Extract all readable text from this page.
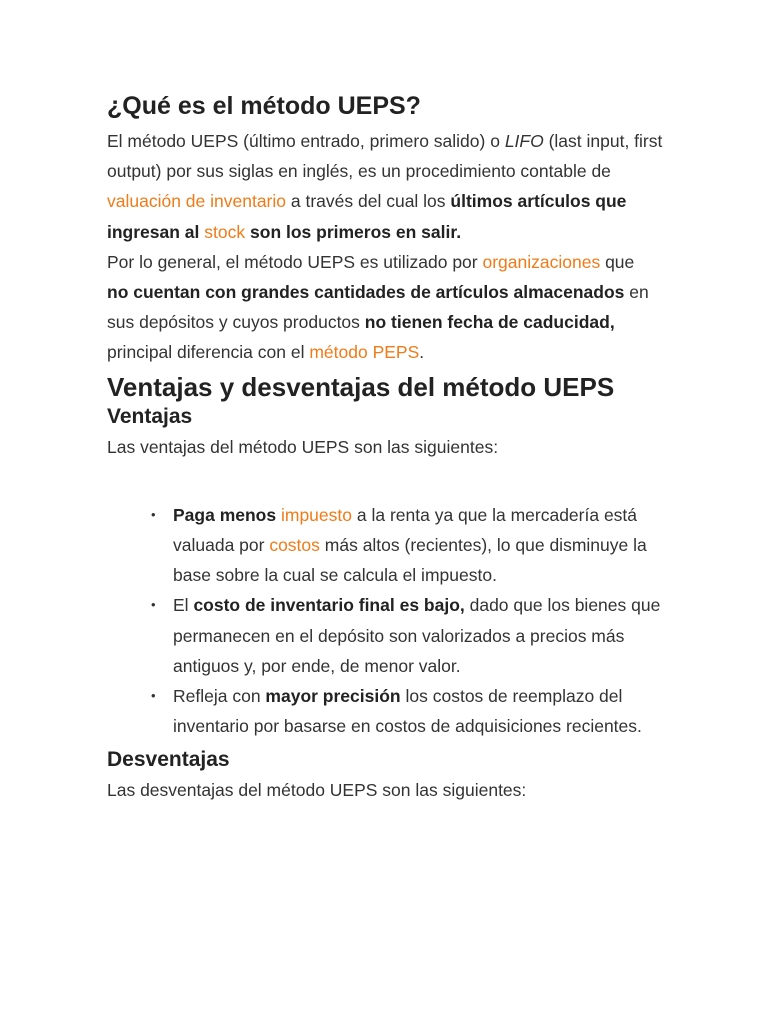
¿Qué es el método UEPS?

El método UEPS (último entrado, primero salido) o LIFO (last input, first output) por sus siglas en inglés, es un procedimiento contable de valuación de inventario a través del cual los últimos artículos que ingresan al stock son los primeros en salir.

Por lo general, el método UEPS es utilizado por organizaciones que no cuentan con grandes cantidades de artículos almacenados en sus depósitos y cuyos productos no tienen fecha de caducidad, principal diferencia con el método PEPS.

Ventajas y desventajas del método UEPS
Ventajas

Las ventajas del método UEPS son las siguientes:

• Paga menos impuesto a la renta ya que la mercadería está valuada por costos más altos (recientes), lo que disminuye la base sobre la cual se calcula el impuesto.
• El costo de inventario final es bajo, dado que los bienes que permanecen en el depósito son valorizados a precios más antiguos y, por ende, de menor valor.
• Refleja con mayor precisión los costos de reemplazo del inventario por basarse en costos de adquisiciones recientes.
Desventajas

Las desventajas del método UEPS son las siguientes:
